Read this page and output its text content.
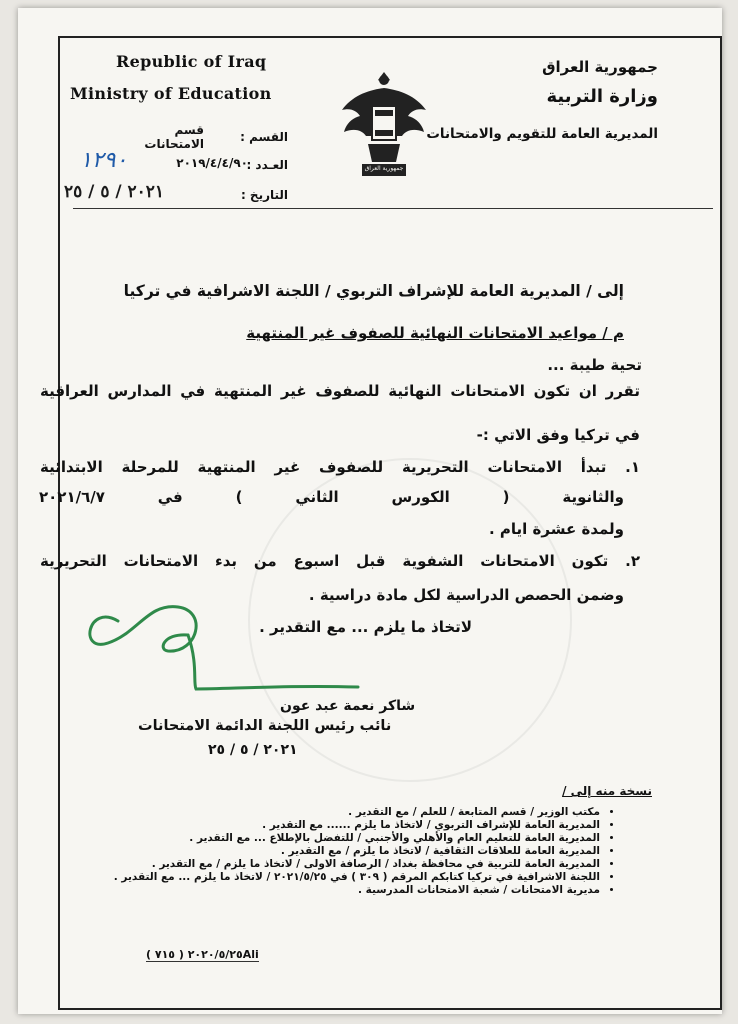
Republic of Iraq
Ministry of Education
جمهورية العراق
وزارة التربية
المديرية العامة للتقويم والامتحانات
قسم الامتحانات	القسم :
٢٠١٩/٤/٤/٩٠
العـدد :
١٢٩٠
التاريخ :
٢٠٢١ / ٥ / ٢٥
جمهورية العراق
إلى / المديرية العامة للإشراف التربوي / اللجنة الاشرافية في تركيا
م / مواعيد الامتحانات النهائية للصفوف غير المنتهية
تحية طيبة ...
تقرر ان تكون الامتحانات النهائية للصفوف غير المنتهية في المدارس العراقية
في تركيا وفق الاتي :-
١. تبدأ الامتحانات التحريرية للصفوف غير المنتهية للمرحلة الابتدائية
والثانوية ( الكورس الثاني ) في ٢٠٢١/٦/٧
ولمدة عشرة ايام .
٢. تكون الامتحانات الشفوية قبل اسبوع من بدء الامتحانات التحريرية
وضمن الحصص الدراسية لكل مادة دراسية .
لاتخاذ ما يلزم ... مع التقدير .
شاكر نعمة عبد عون
نائب رئيس اللجنة الدائمة الامتحانات
٢٠٢١ / ٥ / ٢٥
نسخة منه إلى /
• مكتب الوزير / قسم المتابعة / للعلم / مع التقدير .
• المديرية العامة للإشراف التربوي / لاتخاذ ما يلزم ...... مع التقدير .
• المديرية العامة للتعليم العام والأهلي والأجنبي / للتفضل بالإطلاع ... مع التقدير .
• المديرية العامة للعلاقات الثقافية / لاتخاذ ما يلزم / مع التقدير .
• المديرية العامة للتربية في محافظة بغداد / الرصافة الاولى / لاتخاذ ما يلزم / مع التقدير .
• اللجنة الاشرافية في تركيا كتابكم المرقم ( ٣٠٩ ) في ٢٠٢١/٥/٢٥ / لاتخاذ ما يلزم ... مع التقدير .
• مديرية الامتحانات / شعبة الامتحانات المدرسية .
( ٧١٥ ) ٢٠٢٠/٥/٢٥Ali
